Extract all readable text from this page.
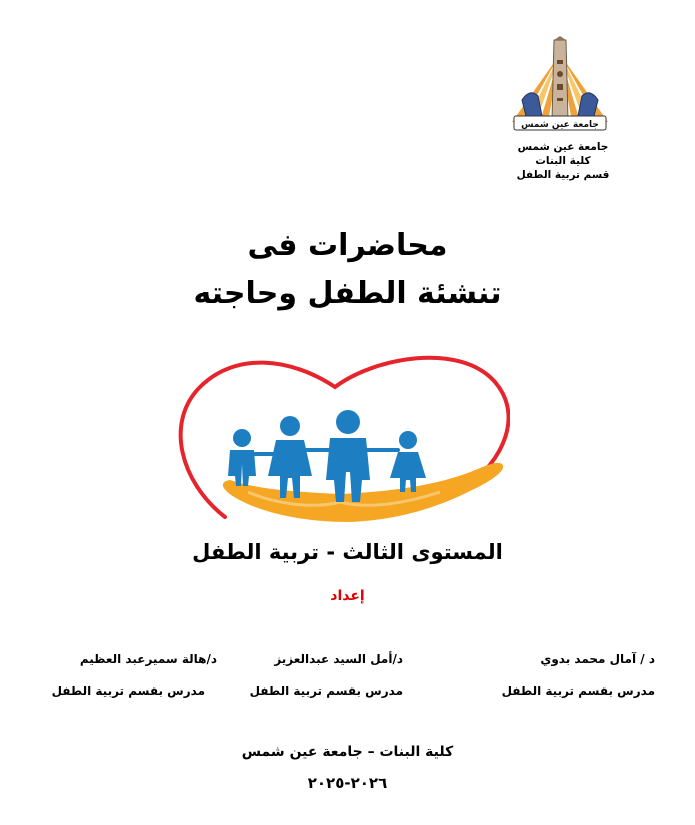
جامعة عين شمس
جامعة عين شمس
كلية البنات
قسم تربية الطفل
محاضرات فى
تنشئة الطفل وحاجته
المستوى الثالث - تربية الطفل
إعداد
د / آمال محمد بدوي
مدرس بقسم تربية الطفل
د/أمل السيد عبدالعزيز
مدرس بقسم تربية الطفل
د/هالة سميرعبد العظيم
مدرس بقسم تربية الطفل
كلية البنات – جامعة عين شمس
٢٠٢٦-٢٠٢٥
